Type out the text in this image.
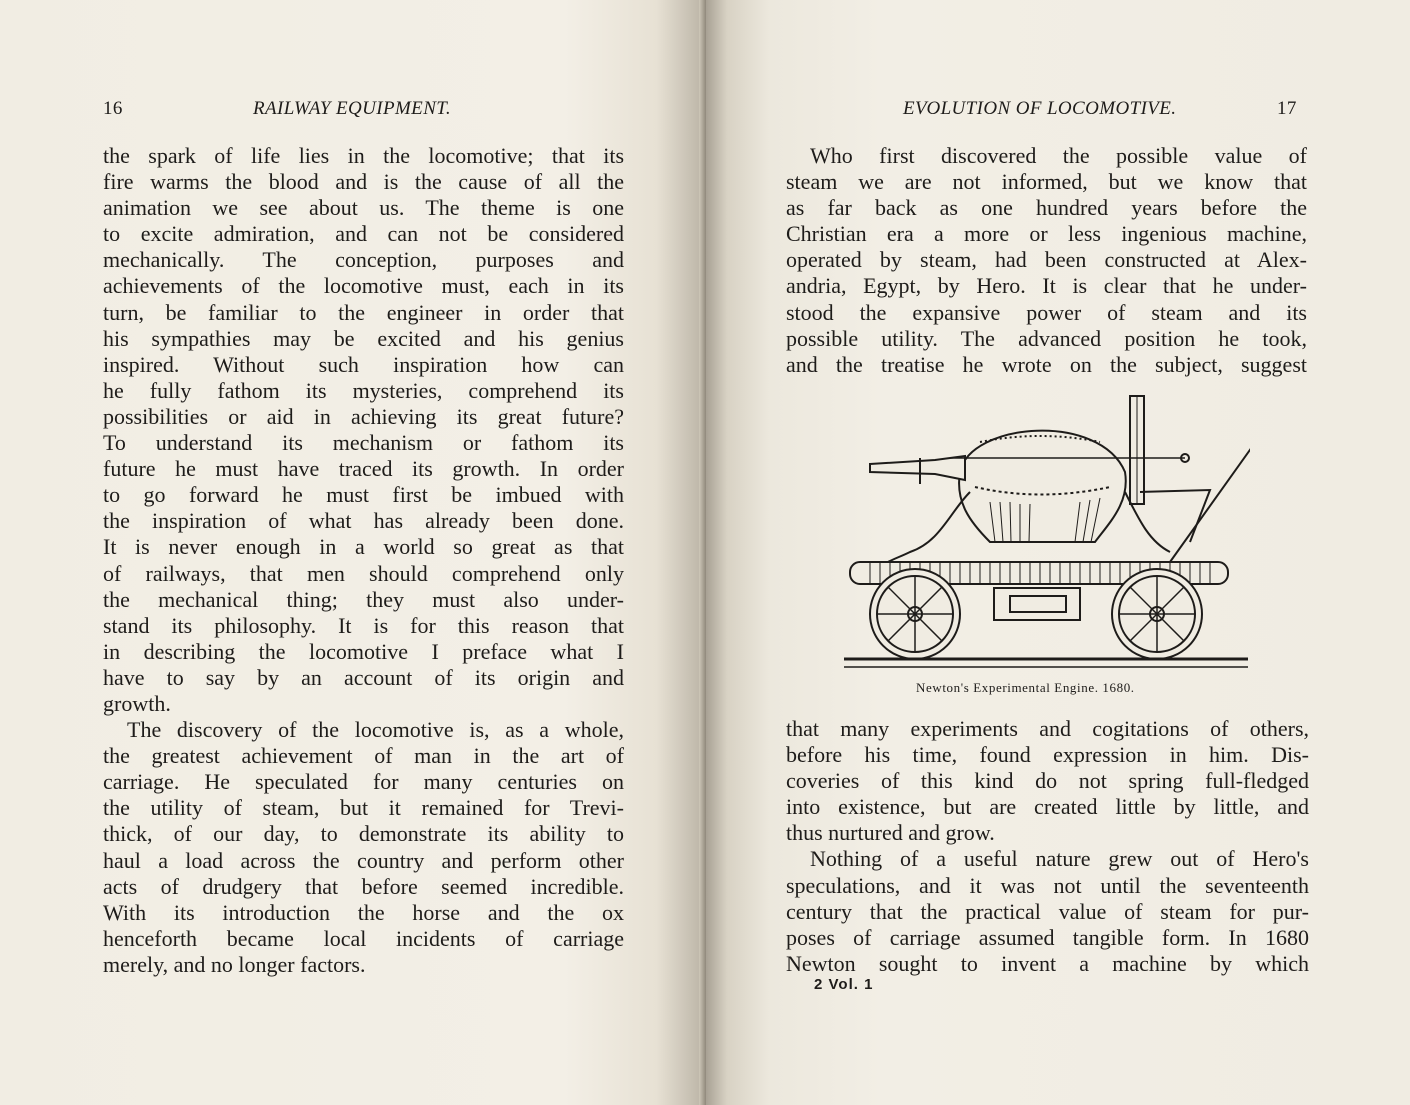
16	RAILWAY EQUIPMENT.
the spark of life lies in the locomotive; that its
fire warms the blood and is the cause of all the
animation we see about us. The theme is one
to excite admiration, and can not be considered
mechanically. The conception, purposes and
achievements of the locomotive must, each in its
turn, be familiar to the engineer in order that
his sympathies may be excited and his genius
inspired. Without such inspiration how can
he fully fathom its mysteries, comprehend its
possibilities or aid in achieving its great future?
To understand its mechanism or fathom its
future he must have traced its growth. In order
to go forward he must first be imbued with
the inspiration of what has already been done.
It is never enough in a world so great as that
of railways, that men should comprehend only
the mechanical thing; they must also under-
stand its philosophy. It is for this reason that
in describing the locomotive I preface what I
have to say by an account of its origin and
growth.
The discovery of the locomotive is, as a whole,
the greatest achievement of man in the art of
carriage. He speculated for many centuries on
the utility of steam, but it remained for Trevi-
thick, of our day, to demonstrate its ability to
haul a load across the country and perform other
acts of drudgery that before seemed incredible.
With its introduction the horse and the ox
henceforth became local incidents of carriage
merely, and no longer factors.
EVOLUTION OF LOCOMOTIVE.	17
Who first discovered the possible value of
steam we are not informed, but we know that
as far back as one hundred years before the
Christian era a more or less ingenious machine,
operated by steam, had been constructed at Alex-
andria, Egypt, by Hero. It is clear that he under-
stood the expansive power of steam and its
possible utility. The advanced position he took,
and the treatise he wrote on the subject, suggest
Newton's Experimental Engine. 1680.
that many experiments and cogitations of others,
before his time, found expression in him. Dis-
coveries of this kind do not spring full-fledged
into existence, but are created little by little, and
thus nurtured and grow.
Nothing of a useful nature grew out of Hero's
speculations, and it was not until the seventeenth
century that the practical value of steam for pur-
poses of carriage assumed tangible form. In 1680
Newton sought to invent a machine by which
2 Vol. 1
